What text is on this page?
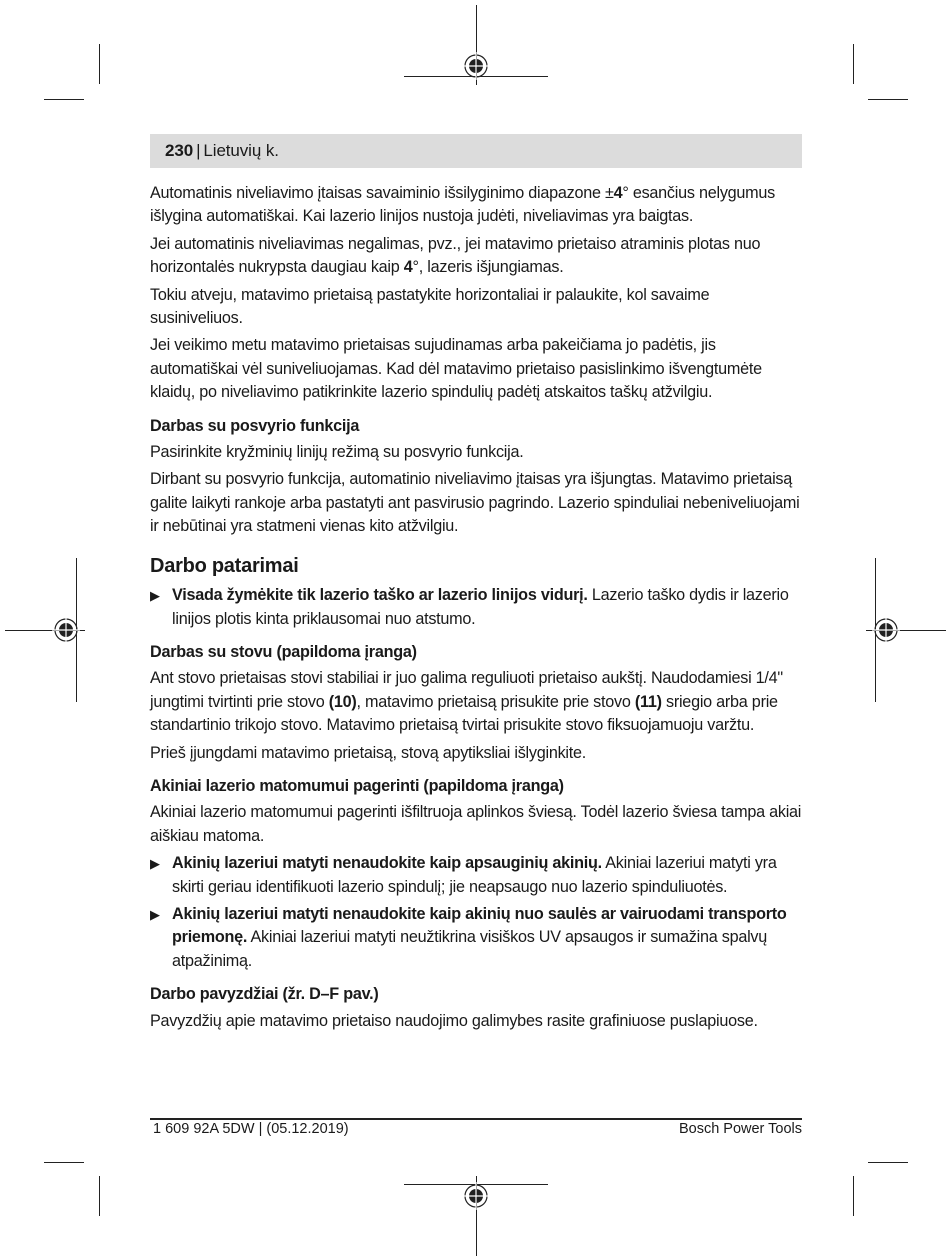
230 | Lietuvių k.

Automatinis niveliavimo įtaisas savaiminio išsilyginimo diapazone ±4° esančius nelygumus išlygina automatiškai. Kai lazerio linijos nustoja judėti, niveliavimas yra baigtas.

Jei automatinis niveliavimas negalimas, pvz., jei matavimo prietaiso atraminis plotas nuo horizontalės nukrypsta daugiau kaip 4°, lazeris išjungiamas.

Tokiu atveju, matavimo prietaisą pastatykite horizontaliai ir palaukite, kol savaime susiniveliuos.

Jei veikimo metu matavimo prietaisas sujudinamas arba pakeičiama jo padėtis, jis automatiškai vėl suniveliuojamas. Kad dėl matavimo prietaiso pasislinkimo išvengtumėte klaidų, po niveliavimo patikrinkite lazerio spindulių padėtį atskaitos taškų atžvilgiu.

Darbas su posvyrio funkcija

Pasirinkite kryžminių linijų režimą su posvyrio funkcija.

Dirbant su posvyrio funkcija, automatinio niveliavimo įtaisas yra išjungtas. Matavimo prietaisą galite laikyti rankoje arba pastatyti ant pasvirusio pagrindo. Lazerio spinduliai nebeniveliuojami ir nebūtinai yra statmeni vienas kito atžvilgiu.

Darbo patarimai
▶ Visada žymėkite tik lazerio taško ar lazerio linijos vidurį. Lazerio taško dydis ir lazerio linijos plotis kinta priklausomai nuo atstumo.
Darbas su stovu (papildoma įranga)

Ant stovo prietaisas stovi stabiliai ir juo galima reguliuoti prietaiso aukštį. Naudodamiesi 1/4" jungtimi tvirtinti prie stovo (10), matavimo prietaisą prisukite prie stovo (11) sriegio arba prie standartinio trikojo stovo. Matavimo prietaisą tvirtai prisukite stovo fiksuojamuoju varžtu.

Prieš įjungdami matavimo prietaisą, stovą apytiksliai išlyginkite.

Akiniai lazerio matomumui pagerinti (papildoma įranga)

Akiniai lazerio matomumui pagerinti išfiltruoja aplinkos šviesą. Todėl lazerio šviesa tampa akiai aiškiau matoma.

▶ Akinių lazeriui matyti nenaudokite kaip apsauginių akinių. Akiniai lazeriui matyti yra skirti geriau identifikuoti lazerio spindulį; jie neapsaugo nuo lazerio spinduliuotės.
▶ Akinių lazeriui matyti nenaudokite kaip akinių nuo saulės ar vairuodami transporto priemonę. Akiniai lazeriui matyti neužtikrina visiškos UV apsaugos ir sumažina spalvų atpažinimą.
Darbo pavyzdžiai (žr. D–F pav.)

Pavyzdžių apie matavimo prietaiso naudojimo galimybes rasite grafiniuose puslapiuose.

1 609 92A 5DW | (05.12.2019)	Bosch Power Tools
